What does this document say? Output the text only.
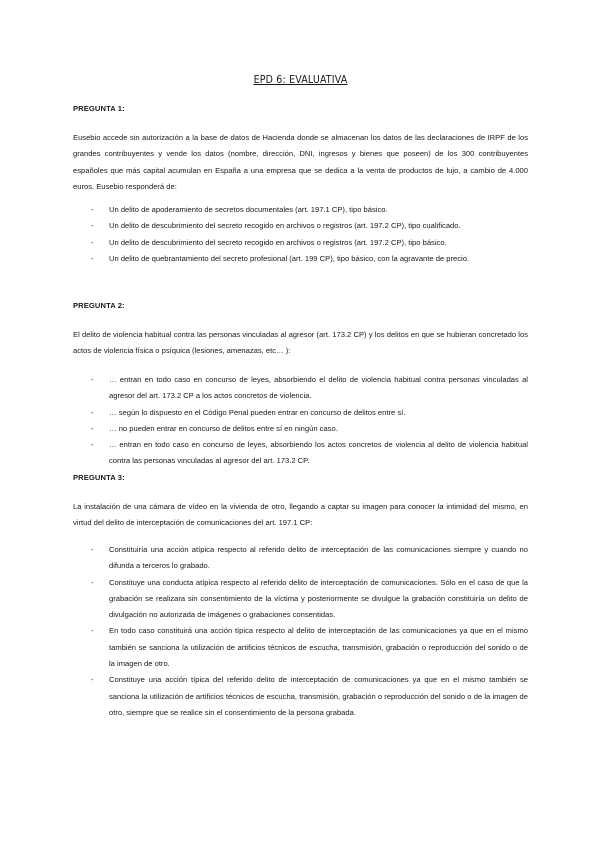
EPD 6: EVALUATIVA
PREGUNTA 1:
Eusebio accede sin autorización a la base de datos de Hacienda donde se almacenan los datos de las declaraciones de IRPF de los grandes contribuyentes y vende los datos (nombre, dirección, DNI, ingresos y bienes que poseen) de los 300 contribuyentes españoles que más capital acumulan en España a una empresa que se dedica a la venta de productos de lujo, a cambio de 4.000 euros. Eusebio responderá de:
- Un delito de apoderamiento de secretos documentales (art. 197.1 CP), tipo básico.
- Un delito de descubrimiento del secreto recogido en archivos o registros (art. 197.2 CP), tipo cualificado.
- Un delito de descubrimiento del secreto recogido en archivos o registros (art. 197.2 CP), tipo básico.
- Un delito de quebrantamiento del secreto profesional (art. 199 CP), tipo básico, con la agravante de precio.
PREGUNTA 2:
El delito de violencia habitual contra las personas vinculadas al agresor (art. 173.2 CP) y los delitos en que se hubieran concretado los actos de violencia física o psíquica (lesiones, amenazas, etc… ):
- … entran en todo caso en concurso de leyes, absorbiendo el delito de violencia habitual contra personas vinculadas al agresor del art. 173.2 CP a los actos concretos de violencia.
- … según lo dispuesto en el Código Penal pueden entrar en concurso de delitos entre sí.
- … no pueden entrar en concurso de delitos entre sí en ningún caso.
- … entran en todo caso en concurso de leyes, absorbiendo los actos concretos de violencia al delito de violencia habitual contra las personas vinculadas al agresor del art. 173.2 CP.
PREGUNTA 3:
La instalación de una cámara de vídeo en la vivienda de otro, llegando a captar su imagen para conocer la intimidad del mismo, en virtud del delito de interceptación de comunicaciones del art. 197.1 CP:
- Constituiría una acción atípica respecto al referido delito de interceptación de las comunicaciones siempre y cuando no difunda a terceros lo grabado.
- Constituye una conducta atípica respecto al referido delito de interceptación de comunicaciones. Sólo en el caso de que la grabación se realizara sin consentimiento de la víctima y posteriormente se divulgue la grabación constituiría un delito de divulgación no autorizada de imágenes o grabaciones consentidas.
- En todo caso constituirá una acción típica respecto al delito de interceptación de las comunicaciones ya que en el mismo también se sanciona la utilización de artificios técnicos de escucha, transmisión, grabación o reproducción del sonido o de la imagen de otro.
- Constituye una acción típica del referido delito de interceptación de comunicaciones ya que en el mismo también se sanciona la utilización de artificios técnicos de escucha, transmisión, grabación o reproducción del sonido o de la imagen de otro, siempre que se realice sin el consentimiento de la persona grabada.
